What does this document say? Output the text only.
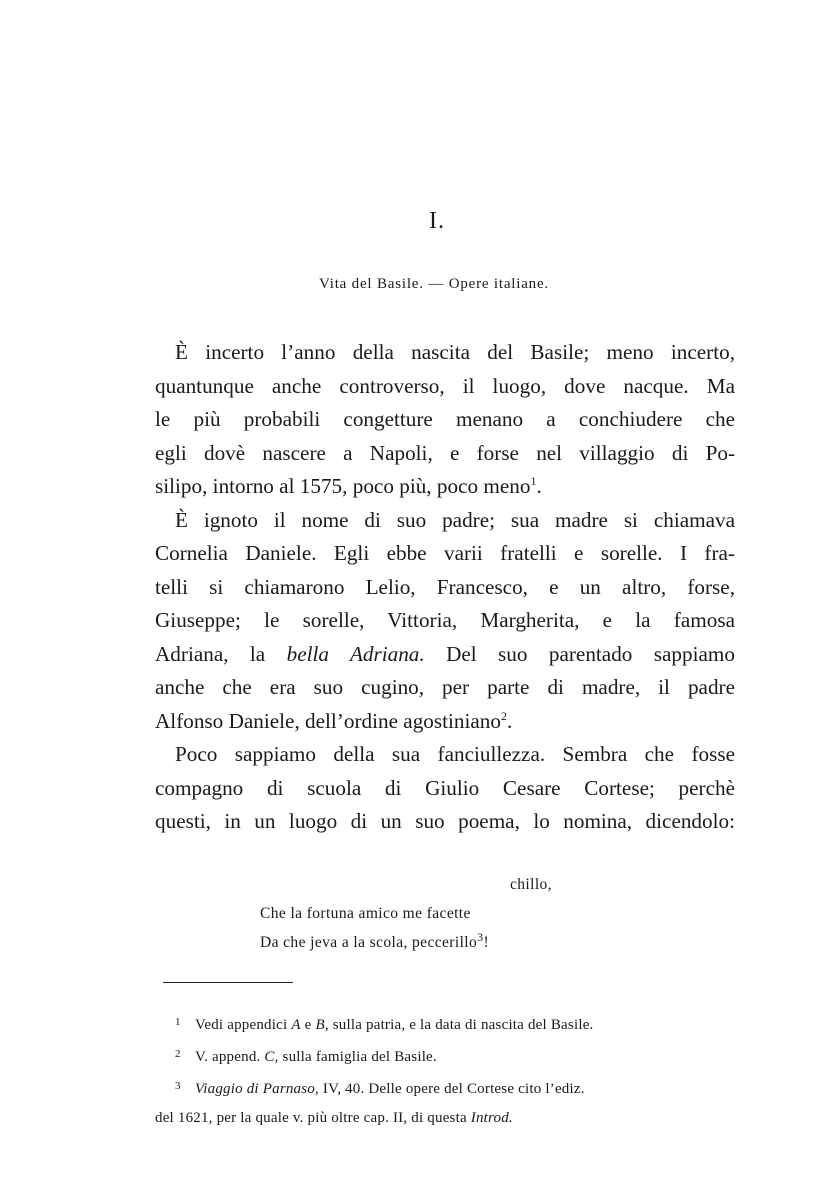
I.
Vita del Basile. — Opere italiane.
È incerto l’anno della nascita del Basile; meno incerto,
quantunque anche controverso, il luogo, dove nacque. Ma
le più probabili congetture menano a conchiudere che
egli dovè nascere a Napoli, e forse nel villaggio di Po-
silipo, intorno al 1575, poco più, poco meno$^1$.
È ignoto il nome di suo padre; sua madre si chiamava
Cornelia Daniele. Egli ebbe varii fratelli e sorelle. I fra-
telli si chiamarono Lelio, Francesco, e un altro, forse,
Giuseppe; le sorelle, Vittoria, Margherita, e la famosa
Adriana, la bella Adriana. Del suo parentado sappiamo
anche che era suo cugino, per parte di madre, il padre
Alfonso Daniele, dell’ordine agostiniano$^2$.
Poco sappiamo della sua fanciullezza. Sembra che fosse
compagno di scuola di Giulio Cesare Cortese; perchè
questi, in un luogo di un suo poema, lo nomina, dicendolo:
chillo,
Che la fortuna amico me facette
Da che jeva a la scola, peccerillo$^3$!
1 Vedi appendici A e B, sulla patria, e la data di nascita del Basile.
2 V. append. C, sulla famiglia del Basile.
3 Viaggio di Parnaso, IV, 40. Delle opere del Cortese cito l’ediz.
del 1621, per la quale v. più oltre cap. II, di questa Introd.
